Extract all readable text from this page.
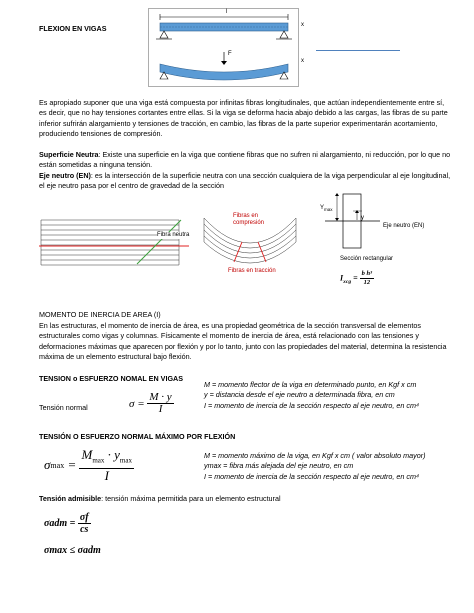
FLEXION EN VIGAS
l
x
F
x
Es apropiado suponer que una viga está compuesta por infinitas fibras longitudinales, que actúan independientemente entre sí, es decir, que no hay tensiones cortantes entre ellas. Si la viga se deforma hacia abajo debido a las cargas, las fibras de su parte inferior sufrirán alargamiento y tensiones de tracción, en cambio, las fibras de la parte superior experimentarán acortamiento, produciendo tensiones de compresión.
Superficie Neutra: Existe una superficie en la viga que contiene fibras que no sufren ni alargamiento, ni reducción, por lo que no están sometidas a ninguna tensión.
Eje neutro (EN): es la intersección de la superficie neutra con una sección cualquiera de la viga perpendicular al eje longitudinal, el eje neutro pasa por el centro de gravedad de la sección
Fibra neutra
Fibras en compresión
Fibras en tracción
$Y_{max}$
y
Eje neutro (EN)
Sección rectangular
$I_{xcg} = \frac{\text{b h³}}{12}$
MOMENTO DE INERCIA DE AREA (I)
En las estructuras, el momento de inercia de área, es una propiedad geométrica de la sección transversal de elementos estructurales como vigas y columnas. Físicamente el momento de inercia de área, está relacionado con las tensiones y deformaciones máximas que aparecen por flexión y por lo tanto, junto con las propiedades del material, determina la resistencia máxima de un elemento estructural bajo flexión.
TENSION o ESFUERZO NOMAL EN VIGAS
Tensión normal	$\sigma = \frac{M \cdot y}{I}$
M = momento flector de la viga en determinado punto, en Kgf x cm
y = distancia desde el eje neutro a determinada fibra, en cm
I = momento de inercia de la sección respecto al eje neutro, en cm⁴
TENSIÓN O ESFUERZO NORMAL MÁXIMO POR FLEXIÓN
σ $\max = \frac{M_{max} \cdot y_{max}}{I}$	M = momento máximo de la viga, en Kgf x cm ( valor absoluto mayor)
ymax = fibra más alejada del eje neutro, en cm
I = momento de inercia de la sección respecto al eje neutro, en cm⁴
Tensión admisible: tensión máxima permitida para un elemento estructural
$\sigma adm = \frac{\sigma f}{cs}$
σmax ≤ σadm
